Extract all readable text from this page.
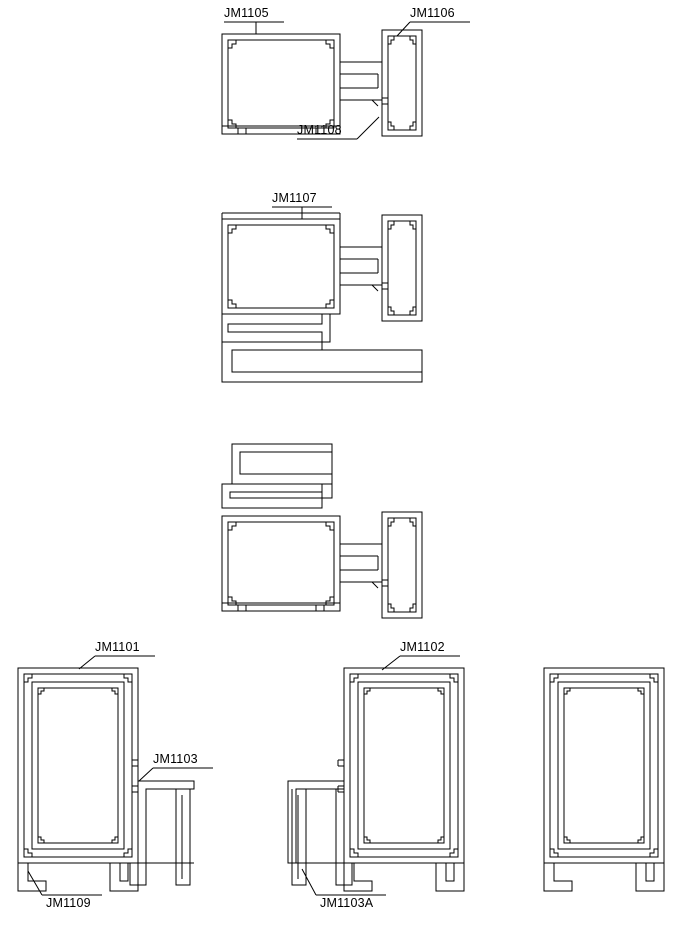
JM1105	JM1106
JM1108
JM1107
JM1101
JM1103
JM1109
JM1102
JM1103A
